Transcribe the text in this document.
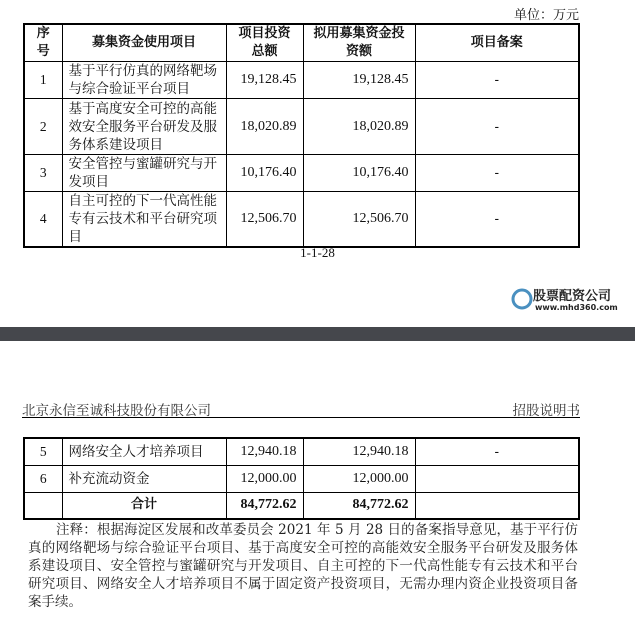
单位：万元
序号	募集资金使用项目	项目投资总额	拟用募集资金投资额	项目备案
1	基于平行仿真的网络靶场与综合验证平台项目	19,128.45	19,128.45	-
2	基于高度安全可控的高能效安全服务平台研发及服务体系建设项目	18,020.89	18,020.89	-
3	安全管控与蜜罐研究与开发项目	10,176.40	10,176.40	-
4	自主可控的下一代高性能专有云技术和平台研究项目	12,506.70	12,506.70	-
1-1-28
股票配资公司
www.mhd360.com
北京永信至诚科技股份有限公司	招股说明书
5	网络安全人才培养项目	12,940.18	12,940.18	-
6	补充流动资金	12,000.00	12,000.00	
	合计	84,772.62	84,772.62	
注释：根据海淀区发展和改革委员会 2021 年 5 月 28 日的备案指导意见，基于平行仿真的网络靶场与综合验证平台项目、基于高度安全可控的高能效安全服务平台研发及服务体系建设项目、安全管控与蜜罐研究与开发项目、自主可控的下一代高性能专有云技术和平台研究项目、网络安全人才培养项目不属于固定资产投资项目，无需办理内资企业投资项目备案手续。
